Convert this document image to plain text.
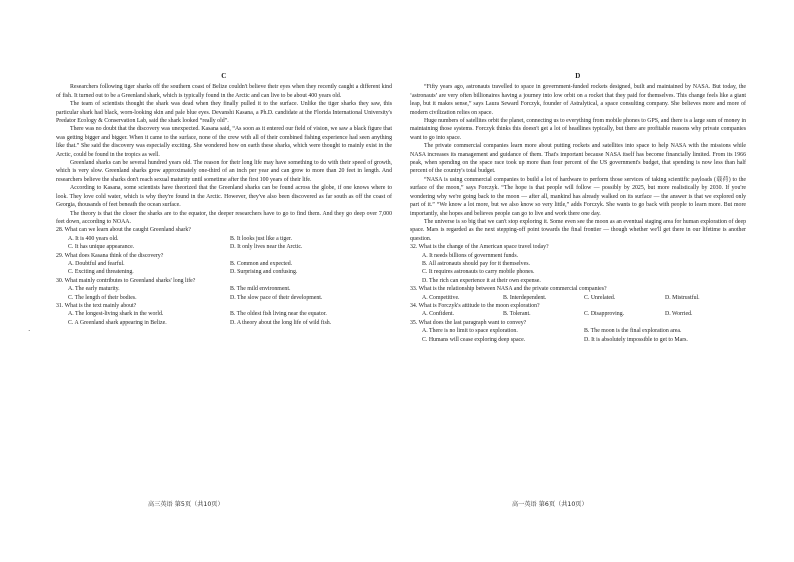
·
C

Researchers following tiger sharks off the southern coast of Belize couldn't believe their eyes when they recently caught a different kind of fish. It turned out to be a Greenland shark, which is typically found in the Arctic and can live to be about 400 years old.

The team of scientists thought the shark was dead when they finally pulled it to the surface. Unlike the tiger sharks they saw, this particular shark had black, worn-looking skin and pale blue eyes. Devanshi Kasana, a Ph.D. candidate at the Florida International University's Predator Ecology & Conservation Lab, said the shark looked “really old”.

There was no doubt that the discovery was unexpected. Kasana said, “As soon as it entered our field of vision, we saw a black figure that was getting bigger and bigger. When it came to the surface, none of the crew with all of their combined fishing experience had seen anything like that.” She said the discovery was especially exciting. She wondered how on earth these sharks, which were thought to mainly exist in the Arctic, could be found in the tropics as well.

Greenland sharks can be several hundred years old. The reason for their long life may have something to do with their speed of growth, which is very slow. Greenland sharks grow approximately one-third of an inch per year and can grow to more than 20 feet in length. And researchers believe the sharks don't reach sexual maturity until sometime after the first 100 years of their life.

According to Kasana, some scientists have theorized that the Greenland sharks can be found across the globe, if one knows where to look. They love cold water, which is why they're found in the Arctic. However, they've also been discovered as far south as off the coast of Georgia, thousands of feet beneath the ocean surface.

The theory is that the closer the sharks are to the equator, the deeper researchers have to go to find them. And they go deep over 7,000 feet down, according to NOAA.

28. What can we learn about the caught Greenland shark?

A. It is 400 years old.	B. It looks just like a tiger.
C. It has unique appearance.	D. It only lives near the Arctic.

29. What does Kasana think of the discovery?

A. Doubtful and fearful.	B. Common and expected.
C. Exciting and threatening.	D. Surprising and confusing.

30. What mainly contributes to Greenland sharks' long life?

A. The early maturity.	B. The mild environment.
C. The length of their bodies.	D. The slow pace of their development.

31. What is the text mainly about?

A. The longest-living shark in the world.	B. The oldest fish living near the equator.
C. A Greenland shark appearing in Belize.	D. A theory about the long life of wild fish.
D

“Fifty years ago, astronauts travelled to space in government-funded rockets designed, built and maintained by NASA. But today, the ‘astronauts’ are very often billionaires having a journey into low orbit on a rocket that they paid for themselves. This change feels like a giant leap, but it makes sense,” says Laura Seward Forczyk, founder of Astralytical, a space consulting company. She believes more and more of modern civilization relies on space.

Huge numbers of satellites orbit the planet, connecting us to everything from mobile phones to GPS, and there is a large sum of money in maintaining those systems. Forczyk thinks this doesn't get a lot of headlines typically, but there are profitable reasons why private companies want to go into space.

The private commercial companies learn more about putting rockets and satellites into space to help NASA with the missions while NASA increases its management and guidance of them. That's important because NASA itself has become financially limited. From its 1966 peak, when spending on the space race took up more than four percent of the US government's budget, that spending is now less than half percent of the country's total budget.

“NASA is using commercial companies to build a lot of hardware to perform those services of taking scientific payloads (载荷) to the surface of the moon,” says Forczyk. “The hope is that people will follow — possibly by 2025, but more realistically by 2030. If you're wondering why we're going back to the moon — after all, mankind has already walked on its surface — the answer is that we explored only part of it.” “We know a lot more, but we also know so very little,” adds Forczyk. She wants to go back with people to learn more. But more importantly, she hopes and believes people can go to live and work there one day.

The universe is so big that we can't stop exploring it. Some even see the moon as an eventual staging area for human exploration of deep space. Mars is regarded as the next stepping-off point towards the final frontier — though whether we'll get there in our lifetime is another question.

32. What is the change of the American space travel today?

A. It needs billions of government funds.
B. All astronauts should pay for it themselves.
C. It requires astronauts to carry mobile phones.
D. The rich can experience it at their own expense.

33. What is the relationship between NASA and the private commercial companies?

A. Competitive.	B. Interdependent.	C. Unrelated.	D. Mistrustful.

34. What is Forczyk's attitude to the moon exploration?

A. Confident.	B. Tolerant.	C. Disapproving.	D. Worried.

35. What does the last paragraph want to convey?

A. There is no limit to space exploration.	B. The moon is the final exploration area.
C. Humans will cease exploring deep space.	D. It is absolutely impossible to get to Mars.
高三英语 第5页（共10页）	高一英语 第6页（共10页）
